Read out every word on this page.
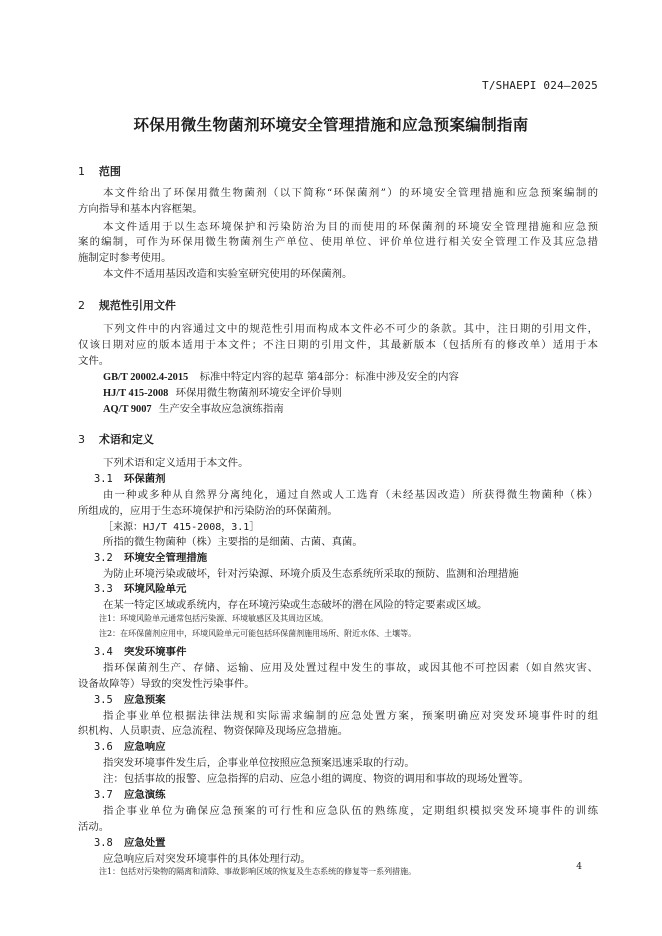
T/SHAEPI 024—2025
环保用微生物菌剂环境安全管理措施和应急预案编制指南
1 范围
本文件给出了环保用微生物菌剂（以下简称“环保菌剂”）的环境安全管理措施和应急预案编制的
方向指导和基本内容框架。
本文件适用于以生态环境保护和污染防治为目的而使用的环保菌剂的环境安全管理措施和应急预
案的编制，可作为环保用微生物菌剂生产单位、使用单位、评价单位进行相关安全管理工作及其应急措
施制定时参考使用。
本文件不适用基因改造和实验室研究使用的环保菌剂。
2 规范性引用文件
下列文件中的内容通过文中的规范性引用而构成本文件必不可少的条款。其中，注日期的引用文件，
仅该日期对应的版本适用于本文件；不注日期的引用文件，其最新版本（包括所有的修改单）适用于本
文件。
GB/T 20002.4-2015 标准中特定内容的起草 第4部分：标准中涉及安全的内容
HJ/T 415-2008 环保用微生物菌剂环境安全评价导则
AQ/T 9007 生产安全事故应急演练指南
3 术语和定义
下列术语和定义适用于本文件。
3.1 环保菌剂
由一种或多种从自然界分离纯化，通过自然或人工选育（未经基因改造）所获得微生物菌种（株）
所组成的，应用于生态环境保护和污染防治的环保菌剂。
［来源：HJ/T 415-2008，3.1］
所指的微生物菌种（株）主要指的是细菌、古菌、真菌。
3.2 环境安全管理措施
为防止环境污染或破坏，针对污染源、环境介质及生态系统所采取的预防、监测和治理措施
3.3 环境风险单元
在某一特定区域或系统内，存在环境污染或生态破坏的潜在风险的特定要素或区域。
注1：环境风险单元通常包括污染源、环境敏感区及其周边区域。
注2：在环保菌剂应用中，环境风险单元可能包括环保菌剂施用场所、附近水体、土壤等。
3.4 突发环境事件
指环保菌剂生产、存储、运输、应用及处置过程中发生的事故，或因其他不可控因素（如自然灾害、
设备故障等）导致的突发性污染事件。
3.5 应急预案
指企事业单位根据法律法规和实际需求编制的应急处置方案，预案明确应对突发环境事件时的组
织机构、人员职责、应急流程、物资保障及现场应急措施。
3.6 应急响应
指突发环境事件发生后，企事业单位按照应急预案迅速采取的行动。
注：包括事故的报警、应急指挥的启动、应急小组的调度、物资的调用和事故的现场处置等。
3.7 应急演练
指企事业单位为确保应急预案的可行性和应急队伍的熟练度，定期组织模拟突发环境事件的训练
活动。
3.8 应急处置
应急响应后对突发环境事件的具体处理行动。
注1：包括对污染物的隔离和清除、事故影响区域的恢复及生态系统的修复等一系列措施。	4
